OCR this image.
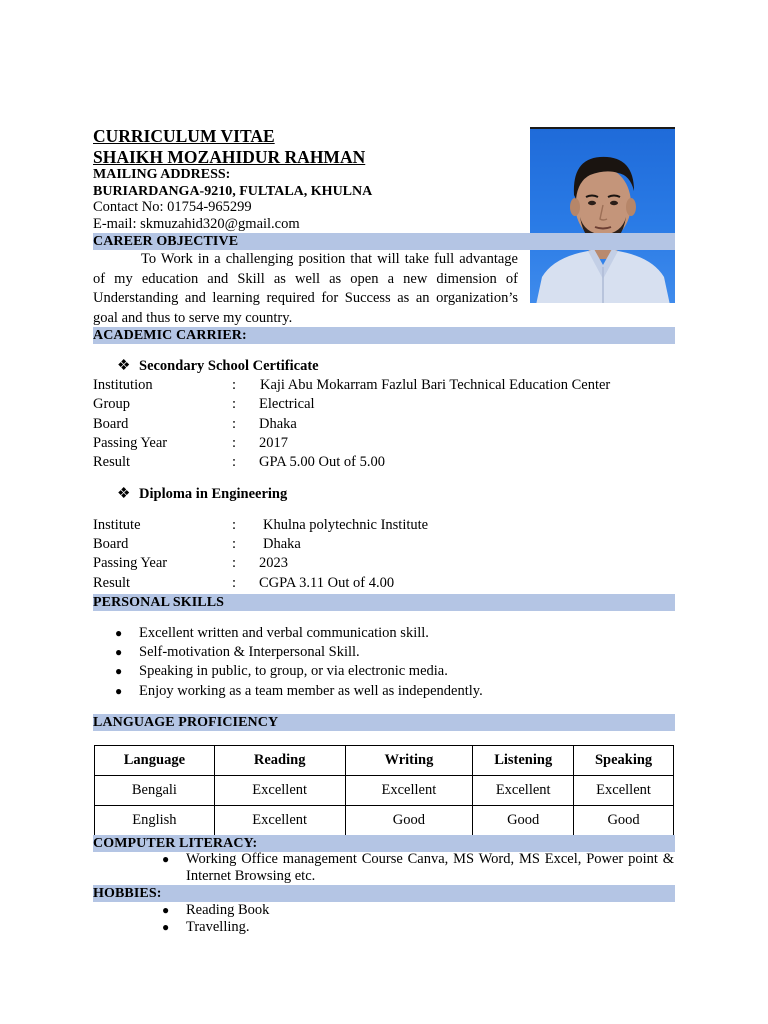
CURRICULUM VITAE
SHAIKH MOZAHIDUR RAHMAN
MAILING ADDRESS:
BURIARDANGA-9210, FULTALA, KHULNA
Contact No: 01754-965299
E-mail: skmuzahid320@gmail.com
CAREER OBJECTIVE
To Work in a challenging position that will take full advantage of my education and Skill as well as open a new dimension of Understanding and learning required for Success as an organization’s goal and thus to serve my country.
ACADEMIC CARRIER:
❖ Secondary School Certificate
Institution	: Kaji Abu Mokarram Fazlul Bari Technical Education Center
Group	: Electrical
Board	: Dhaka
Passing Year	: 2017
Result	: GPA 5.00 Out of 5.00
❖ Diploma in Engineering
Institute	: Khulna polytechnic Institute
Board	: Dhaka
Passing Year	: 2023
Result	: CGPA 3.11 Out of 4.00
PERSONAL SKILLS
● Excellent written and verbal communication skill.
● Self-motivation & Interpersonal Skill.
● Speaking in public, to group, or via electronic media.
● Enjoy working as a team member as well as independently.
LANGUAGE PROFICIENCY
Language	Reading	Writing	Listening	Speaking
Bengali	Excellent	Excellent	Excellent	Excellent
English	Excellent	Good	Good	Good
COMPUTER LITERACY:
● Working Office management Course Canva, MS Word, MS Excel, Power point & Internet Browsing etc.
HOBBIES:
● Reading Book
● Travelling.
